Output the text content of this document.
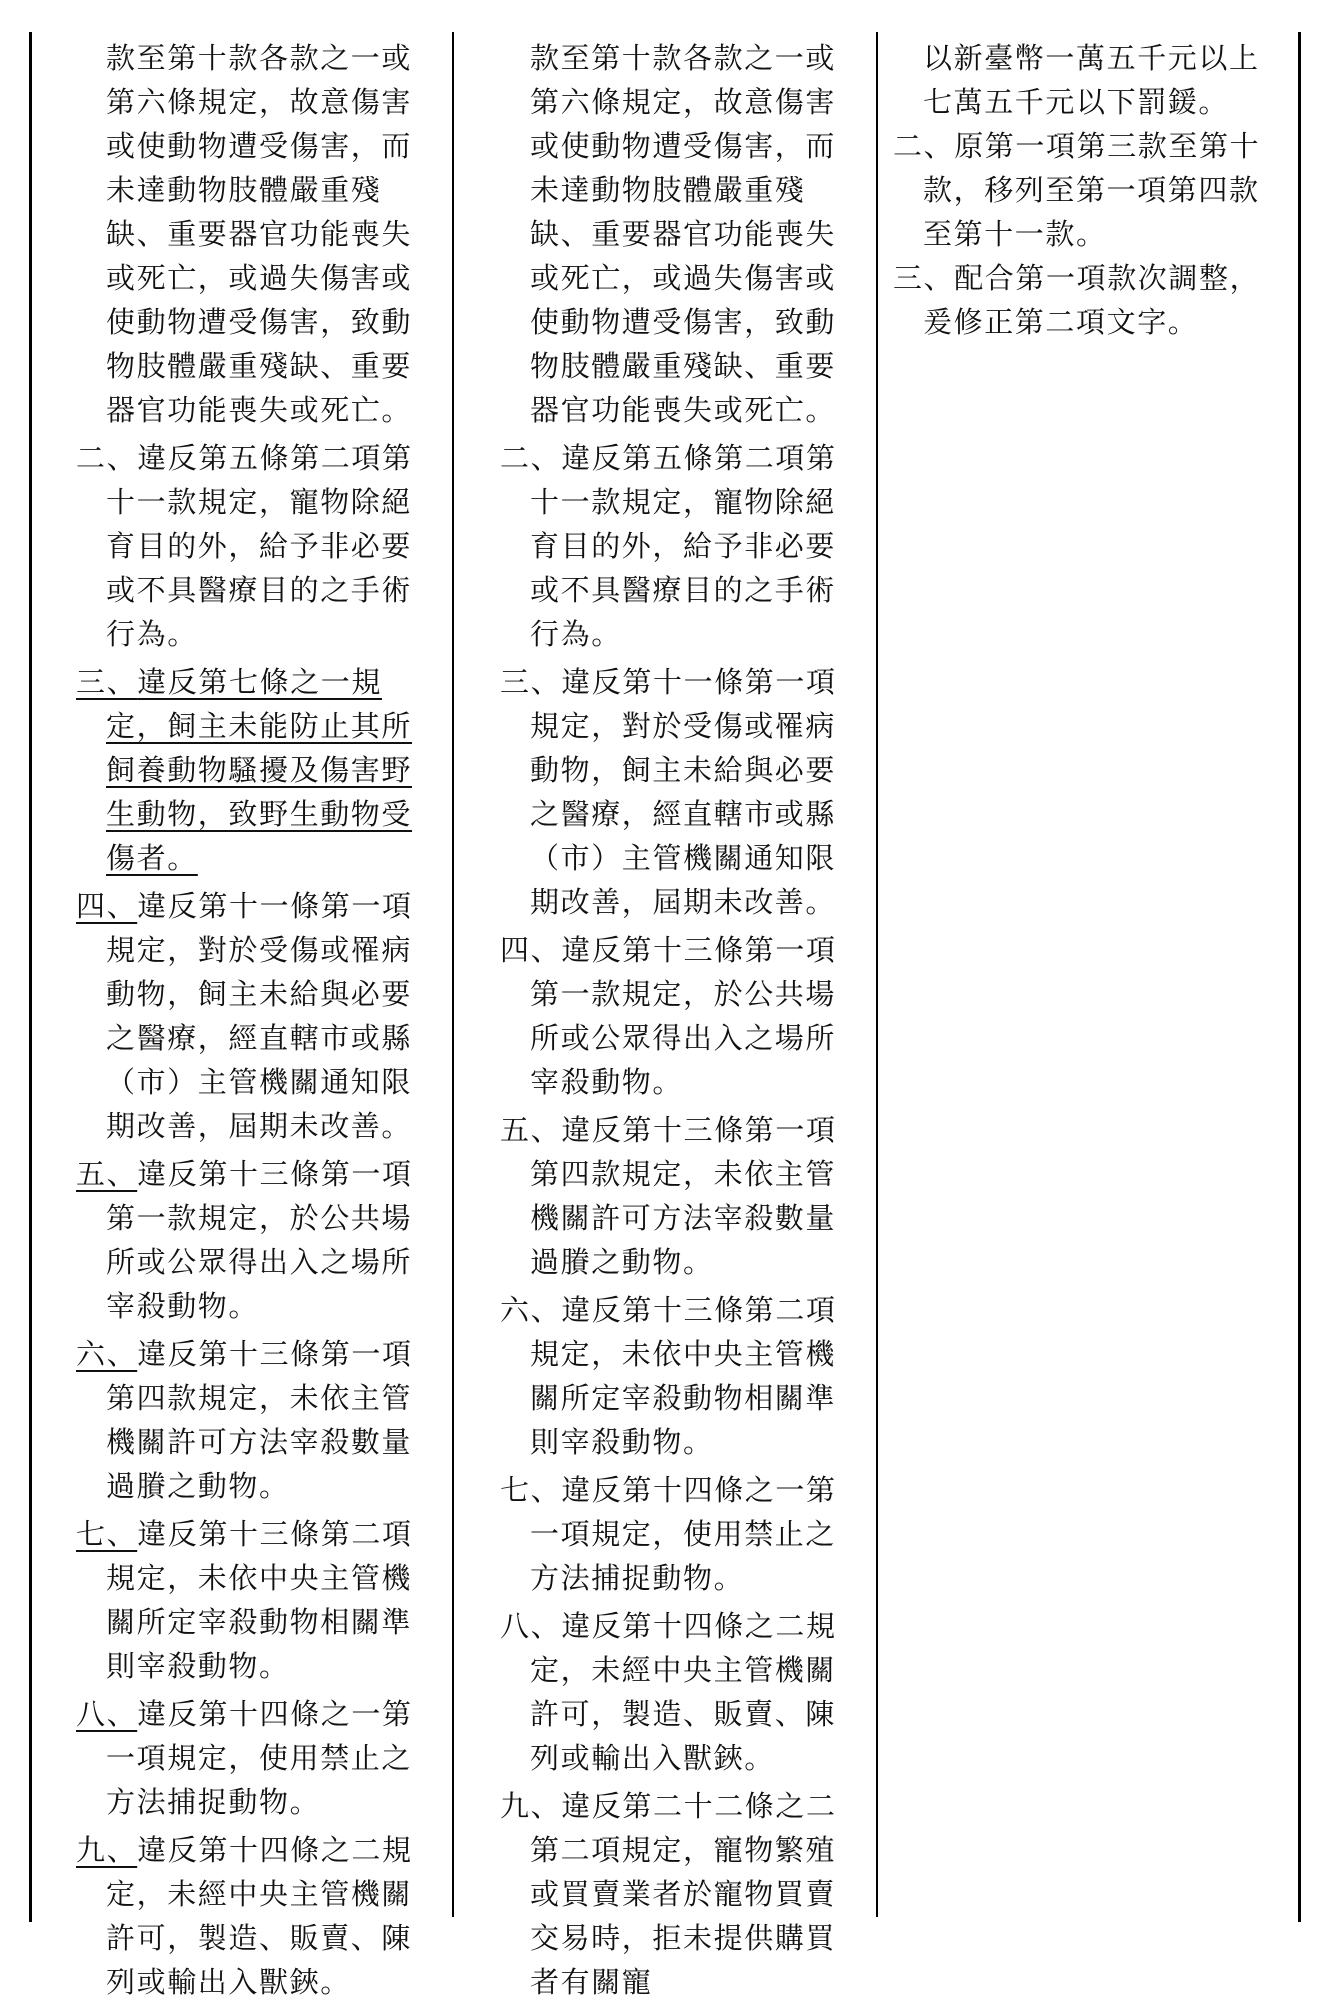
款至第十款各款之一或第六條規定，故意傷害或使動物遭受傷害，而未達動物肢體嚴重殘缺、重要器官功能喪失或死亡，或過失傷害或使動物遭受傷害，致動物肢體嚴重殘缺、重要器官功能喪失或死亡。
二、違反第五條第二項第十一款規定，寵物除絕育目的外，給予非必要或不具醫療目的之手術行為。
三、違反第七條之一規定，飼主未能防止其所飼養動物騷擾及傷害野生動物，致野生動物受傷者。
四、違反第十一條第一項規定，對於受傷或罹病動物，飼主未給與必要之醫療，經直轄市或縣（市）主管機關通知限期改善，屆期未改善。
五、違反第十三條第一項第一款規定，於公共場所或公眾得出入之場所宰殺動物。
六、違反第十三條第一項第四款規定，未依主管機關許可方法宰殺數量過賸之動物。
七、違反第十三條第二項規定，未依中央主管機關所定宰殺動物相關準則宰殺動物。
八、違反第十四條之一第一項規定，使用禁止之方法捕捉動物。
九、違反第十四條之二規定，未經中央主管機關許可，製造、販賣、陳列或輸出入獸鋏。
款至第十款各款之一或第六條規定，故意傷害或使動物遭受傷害，而未達動物肢體嚴重殘缺、重要器官功能喪失或死亡，或過失傷害或使動物遭受傷害，致動物肢體嚴重殘缺、重要器官功能喪失或死亡。
二、違反第五條第二項第十一款規定，寵物除絕育目的外，給予非必要或不具醫療目的之手術行為。
三、違反第十一條第一項規定，對於受傷或罹病動物，飼主未給與必要之醫療，經直轄市或縣（市）主管機關通知限期改善，屆期未改善。
四、違反第十三條第一項第一款規定，於公共場所或公眾得出入之場所宰殺動物。
五、違反第十三條第一項第四款規定，未依主管機關許可方法宰殺數量過賸之動物。
六、違反第十三條第二項規定，未依中央主管機關所定宰殺動物相關準則宰殺動物。
七、違反第十四條之一第一項規定，使用禁止之方法捕捉動物。
八、違反第十四條之二規定，未經中央主管機關許可，製造、販賣、陳列或輸出入獸鋏。
九、違反第二十二條之二第二項規定，寵物繁殖或買賣業者於寵物買賣交易時，拒未提供購買者有關寵
以新臺幣一萬五千元以上七萬五千元以下罰鍰。
二、原第一項第三款至第十款，移列至第一項第四款至第十一款。
三、配合第一項款次調整，爰修正第二項文字。
